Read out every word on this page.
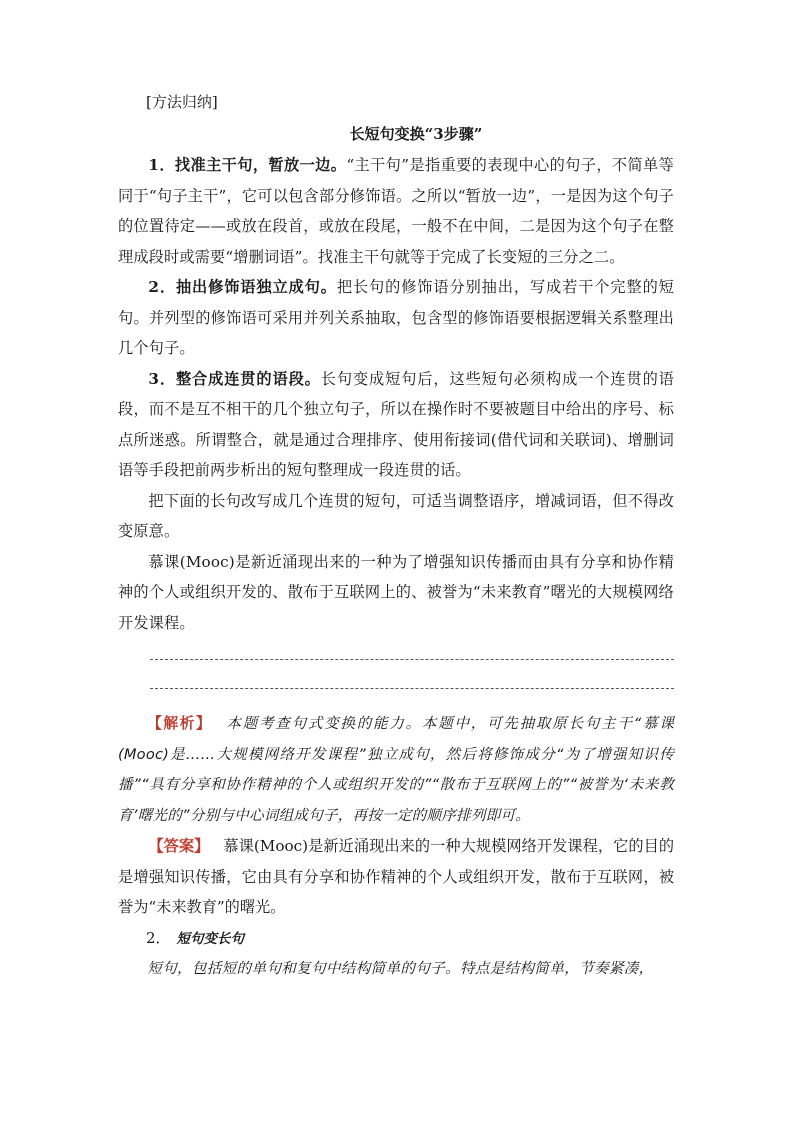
[方法归纳]

长短句变换“3步骤”

1．找准主干句，暂放一边。“主干句”是指重要的表现中心的句子，不简单等同于“句子主干”，它可以包含部分修饰语。之所以“暂放一边”，一是因为这个句子的位置待定——或放在段首，或放在段尾，一般不在中间，二是因为这个句子在整理成段时或需要“增删词语”。找准主干句就等于完成了长变短的三分之二。

2．抽出修饰语独立成句。把长句的修饰语分别抽出，写成若干个完整的短句。并列型的修饰语可采用并列关系抽取，包含型的修饰语要根据逻辑关系整理出几个句子。

3．整合成连贯的语段。长句变成短句后，这些短句必须构成一个连贯的语段，而不是互不相干的几个独立句子，所以在操作时不要被题目中给出的序号、标点所迷惑。所谓整合，就是通过合理排序、使用衔接词(借代词和关联词)、增删词语等手段把前两步析出的短句整理成一段连贯的话。

把下面的长句改写成几个连贯的短句，可适当调整语序，增减词语，但不得改变原意。

慕课(Mooc)是新近涌现出来的一种为了增强知识传播而由具有分享和协作精神的个人或组织开发的、散布于互联网上的、被誉为“未来教育”曙光的大规模网络开发课程。

【解析】 本题考查句式变换的能力。本题中，可先抽取原长句主干“慕课(Mooc)是……大规模网络开发课程”独立成句，然后将修饰成分“为了增强知识传播”“具有分享和协作精神的个人或组织开发的”“散布于互联网上的”“被誉为‘未来教育’曙光的”分别与中心词组成句子，再按一定的顺序排列即可。

【答案】 慕课(Mooc)是新近涌现出来的一种大规模网络开发课程，它的目的是增强知识传播，它由具有分享和协作精神的个人或组织开发，散布于互联网，被誉为“未来教育”的曙光。

2． 短句变长句

短句，包括短的单句和复句中结构简单的句子。特点是结构简单，节奏紧凑，
